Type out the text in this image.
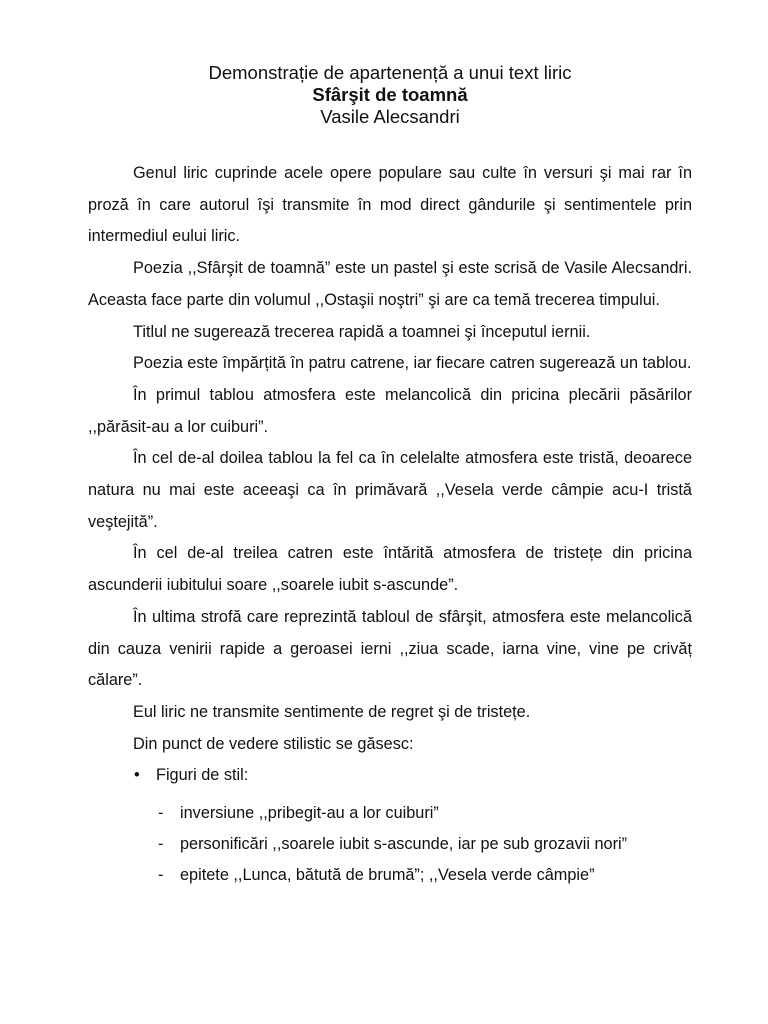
Demonstrație de apartenență a unui text liric
Sfârşit de toamnă
Vasile Alecsandri

Genul liric cuprinde acele opere populare sau culte în versuri şi mai rar în proză în care autorul îşi transmite în mod direct gândurile şi sentimentele prin intermediul eului liric.

Poezia ,,Sfârşit de toamnă” este un pastel şi este scrisă de Vasile Alecsandri. Aceasta face parte din volumul ,,Ostaşii noştri” şi are ca temă trecerea timpului.

Titlul ne sugerează trecerea rapidă a toamnei şi începutul iernii.

Poezia este împărțită în patru catrene, iar fiecare catren sugerează un tablou.

În primul tablou atmosfera este melancolică din pricina plecării păsărilor ,,părăsit-au a lor cuiburi”.

În cel de-al doilea tablou la fel ca în celelalte atmosfera este tristă, deoarece natura nu mai este aceeaşi ca în primăvară ,,Vesela verde câmpie acu-I tristă veştejită”.

În cel de-al treilea catren este întărită atmosfera de tristețe din pricina ascunderii iubitului soare ,,soarele iubit s-ascunde”.

În ultima strofă care reprezintă tabloul de sfârşit, atmosfera este melancolică din cauza venirii rapide a geroasei ierni ,,ziua scade, iarna vine, vine pe crivăț călare”.

Eul liric ne transmite sentimente de regret şi de tristețe.

Din punct de vedere stilistic se găsesc:

• Figuri de stil:
- inversiune ,,pribegit-au a lor cuiburi”
- personificări ,,soarele iubit s-ascunde, iar pe sub grozavii nori”
- epitete ,,Lunca, bătută de brumă”; ,,Vesela verde câmpie”
